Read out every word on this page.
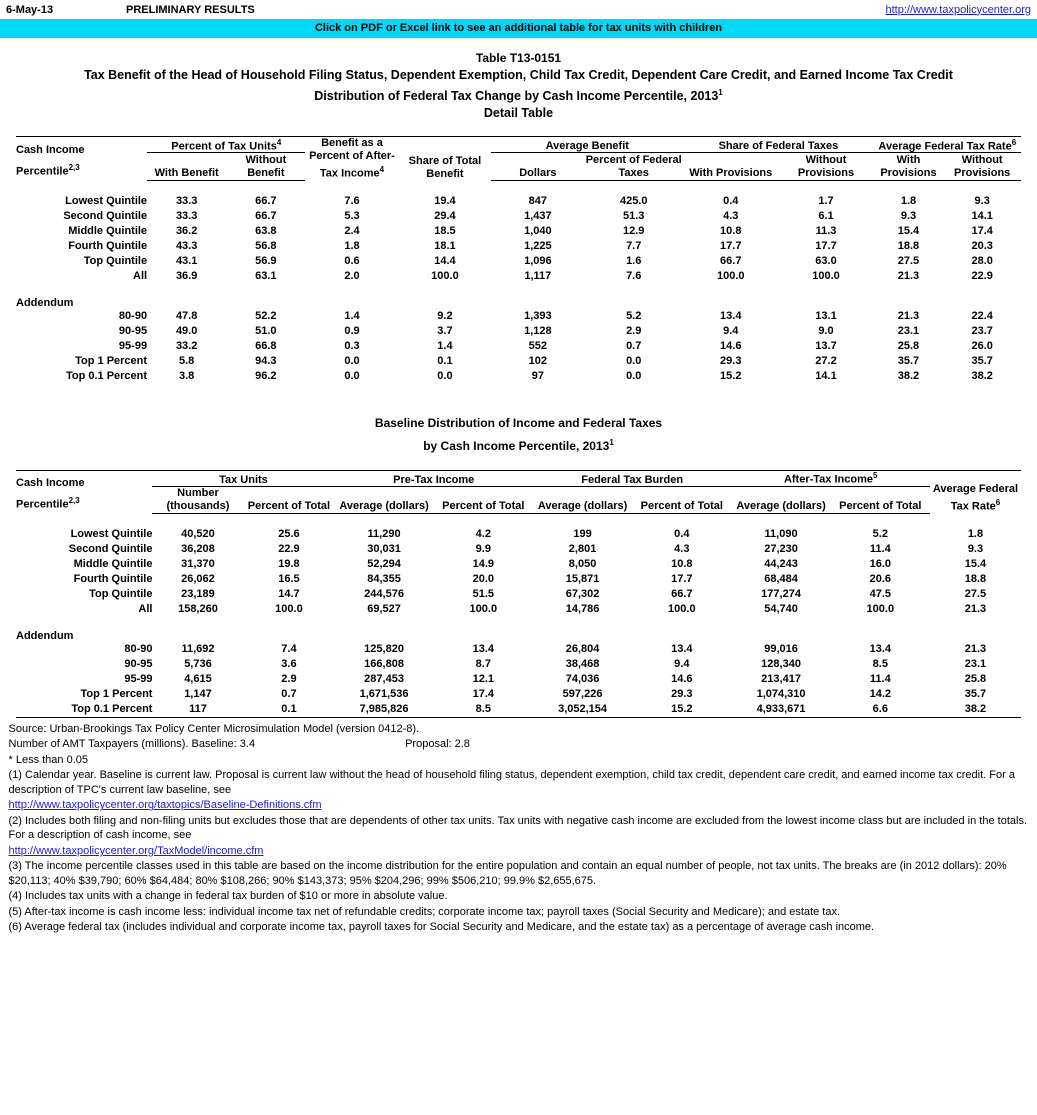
6-May-13	PRELIMINARY RESULTS	http://www.taxpolicycenter.org
Click on PDF or Excel link to see an additional table for tax units with children
Table T13-0151
Tax Benefit of the Head of Household Filing Status, Dependent Exemption, Child Tax Credit, Dependent Care Credit, and Earned Income Tax Credit
Distribution of Federal Tax Change by Cash Income Percentile, 2013$^1$
Detail Table
Cash Income
Percentile$^{2,3}$	Percent of Tax Units$^4$		Benefit as a Percent of After-Tax Income$^4$	Share of Total Benefit	Average Benefit		Share of Federal Taxes		Average Federal Tax Rate$^6$
	With Benefit	Without Benefit			Dollars	Percent of Federal Taxes	With Provisions	Without Provisions	With Provisions	Without Provisions

Lowest Quintile	33.3	66.7	7.6	19.4	847	425.0	0.4	1.7	1.8	9.3
Second Quintile	33.3	66.7	5.3	29.4	1,437	51.3	4.3	6.1	9.3	14.1
Middle Quintile	36.2	63.8	2.4	18.5	1,040	12.9	10.8	11.3	15.4	17.4
Fourth Quintile	43.3	56.8	1.8	18.1	1,225	7.7	17.7	17.7	18.8	20.3
Top Quintile	43.1	56.9	0.6	14.4	1,096	1.6	66.7	63.0	27.5	28.0
All	36.9	63.1	2.0	100.0	1,117	7.6	100.0	100.0	21.3	22.9

Addendum										
80-90	47.8	52.2	1.4	9.2	1,393	5.2	13.4	13.1	21.3	22.4
90-95	49.0	51.0	0.9	3.7	1,128	2.9	9.4	9.0	23.1	23.7
95-99	33.2	66.8	0.3	1.4	552	0.7	14.6	13.7	25.8	26.0
Top 1 Percent	5.8	94.3	0.0	0.1	102	0.0	29.3	27.2	35.7	35.7
Top 0.1 Percent	3.8	96.2	0.0	0.0	97	0.0	15.2	14.1	38.2	38.2
Baseline Distribution of Income and Federal Taxes
by Cash Income Percentile, 2013$^1$
Cash Income
Percentile$^{2,3}$	Tax Units		Pre-Tax Income		Federal Tax Burden		After-Tax Income$^5$		Average Federal Tax Rate$^6$
	Number (thousands)	Percent of Total	Average (dollars)	Percent of Total	Average (dollars)	Percent of Total	Average (dollars)	Percent of Total	

Lowest Quintile	40,520	25.6	11,290	4.2	199	0.4	11,090	5.2	1.8
Second Quintile	36,208	22.9	30,031	9.9	2,801	4.3	27,230	11.4	9.3
Middle Quintile	31,370	19.8	52,294	14.9	8,050	10.8	44,243	16.0	15.4
Fourth Quintile	26,062	16.5	84,355	20.0	15,871	17.7	68,484	20.6	18.8
Top Quintile	23,189	14.7	244,576	51.5	67,302	66.7	177,274	47.5	27.5
All	158,260	100.0	69,527	100.0	14,786	100.0	54,740	100.0	21.3

Addendum									
80-90	11,692	7.4	125,820	13.4	26,804	13.4	99,016	13.4	21.3
90-95	5,736	3.6	166,808	8.7	38,468	9.4	128,340	8.5	23.1
95-99	4,615	2.9	287,453	12.1	74,036	14.6	213,417	11.4	25.8
Top 1 Percent	1,147	0.7	1,671,536	17.4	597,226	29.3	1,074,310	14.2	35.7
Top 0.1 Percent	117	0.1	7,985,826	8.5	3,052,154	15.2	4,933,671	6.6	38.2
Source: Urban-Brookings Tax Policy Center Microsimulation Model (version 0412-8).
Number of AMT Taxpayers (millions). Baseline: 3.4	Proposal: 2.8
* Less than 0.05
(1) Calendar year. Baseline is current law. Proposal is current law without the head of household filing status, dependent exemption, child tax credit, dependent care credit, and earned income tax credit. For a description of TPC's current law baseline, see
http://www.taxpolicycenter.org/taxtopics/Baseline-Definitions.cfm
(2) Includes both filing and non-filing units but excludes those that are dependents of other tax units. Tax units with negative cash income are excluded from the lowest income class but are included in the totals. For a description of cash income, see
http://www.taxpolicycenter.org/TaxModel/income.cfm
(3) The income percentile classes used in this table are based on the income distribution for the entire population and contain an equal number of people, not tax units. The breaks are (in 2012 dollars): 20% $20,113; 40% $39,790; 60% $64,484; 80% $108,266; 90% $143,373; 95% $204,296; 99% $506,210; 99.9% $2,655,675.
(4) Includes tax units with a change in federal tax burden of $10 or more in absolute value.
(5) After-tax income is cash income less: individual income tax net of refundable credits; corporate income tax; payroll taxes (Social Security and Medicare); and estate tax.
(6) Average federal tax (includes individual and corporate income tax, payroll taxes for Social Security and Medicare, and the estate tax) as a percentage of average cash income.
